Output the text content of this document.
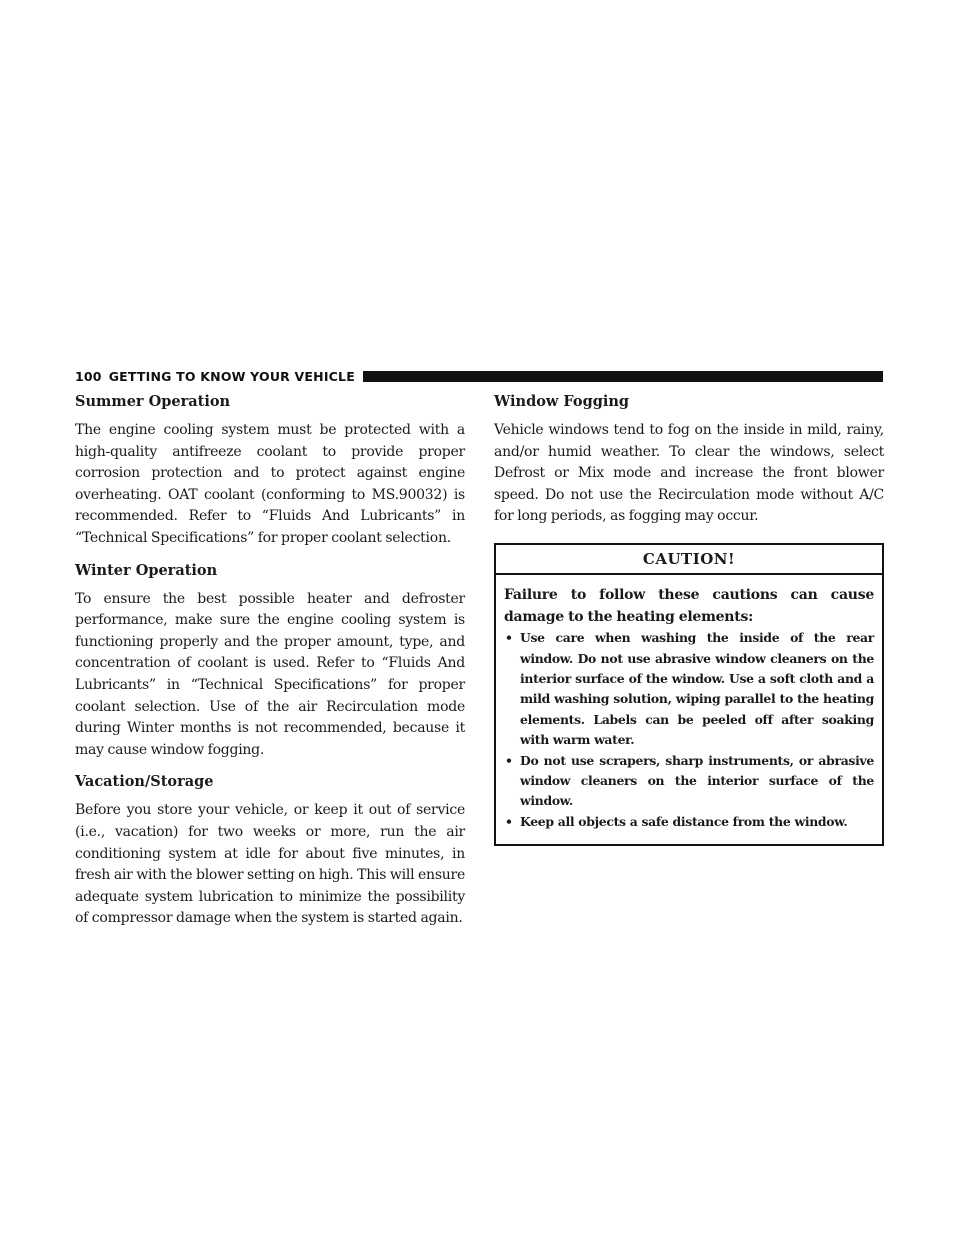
100 GETTING TO KNOW YOUR VEHICLE
Summer Operation

The engine cooling system must be protected with a high-quality antifreeze coolant to provide proper corrosion protection and to protect against engine overheating. OAT coolant (conforming to MS.90032) is recommended. Refer to “Fluids And Lubricants” in “Technical Specifications” for proper coolant selection.

Winter Operation

To ensure the best possible heater and defroster performance, make sure the engine cooling system is functioning properly and the proper amount, type, and concentration of coolant is used. Refer to “Fluids And Lubricants” in “Technical Specifications” for proper coolant selection. Use of the air Recirculation mode during Winter months is not recommended, because it may cause window fogging.

Vacation/Storage

Before you store your vehicle, or keep it out of service (i.e., vacation) for two weeks or more, run the air conditioning system at idle for about five minutes, in fresh air with the blower setting on high. This will ensure adequate system lubrication to minimize the possibility of compressor damage when the system is started again.

Window Fogging

Vehicle windows tend to fog on the inside in mild, rainy, and/or humid weather. To clear the windows, select Defrost or Mix mode and increase the front blower speed. Do not use the Recirculation mode without A/C for long periods, as fogging may occur.

CAUTION!

Failure to follow these cautions can cause damage to the heating elements:

• Use care when washing the inside of the rear window. Do not use abrasive window cleaners on the interior surface of the window. Use a soft cloth and a mild washing solution, wiping parallel to the heating elements. Labels can be peeled off after soaking with warm water.
• Do not use scrapers, sharp instruments, or abrasive window cleaners on the interior surface of the window.
• Keep all objects a safe distance from the window.
